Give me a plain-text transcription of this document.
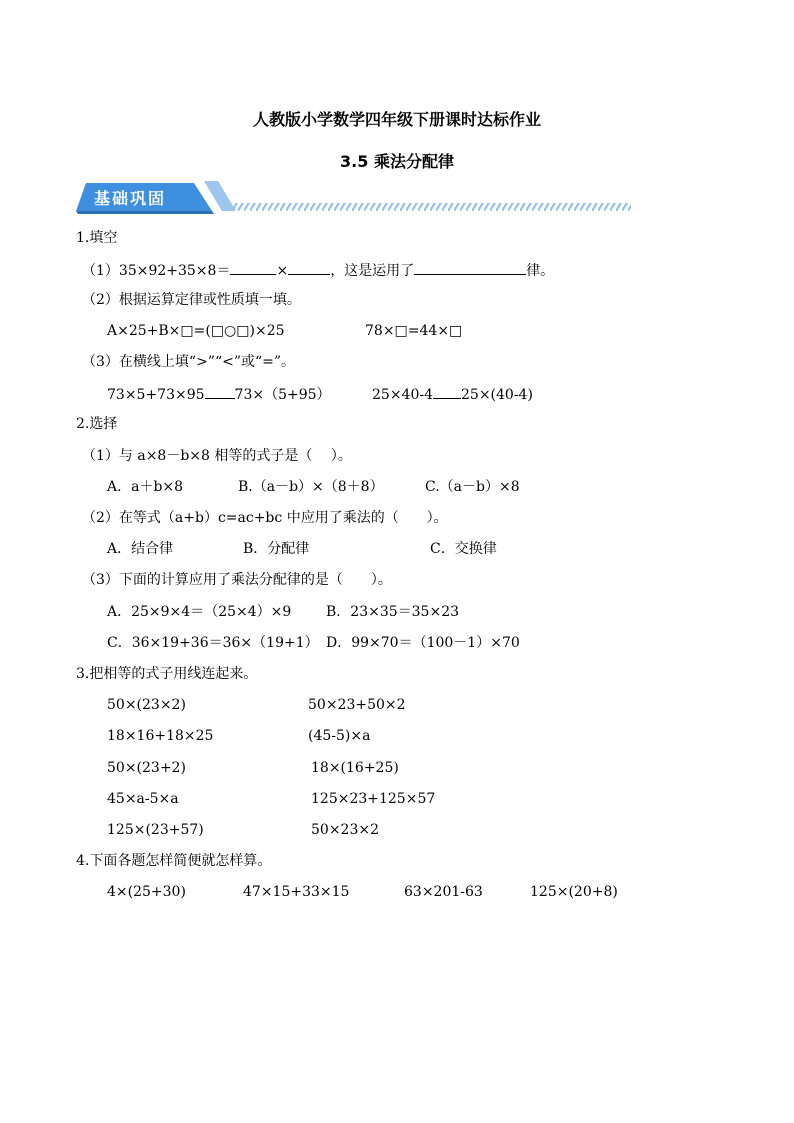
人教版小学数学四年级下册课时达标作业
3.5 乘法分配律
基础巩固
1.填空
（1）35×92+35×8＝	×	，这是运用了	律。
（2）根据运算定律或性质填一填。
A×25+B×□=(□○□)×25	78×□=44×□
（3）在横线上填“>”“<”或“=”。
73×5+73×95 73×（5+95）	25×40-4 25×(40-4)
2.选择
（1）与 a×8－b×8 相等的式子是（　 ）。
A．a＋b×8	B.（a－b）×（8＋8）	C.（a－b）×8
（2）在等式（a+b）c=ac+bc 中应用了乘法的（　　）。
A．结合律	B．分配律	C．交换律
（3）下面的计算应用了乘法分配律的是（　　）。
A．25×9×4＝（25×4）×9 B．23×35＝35×23
C．36×19+36＝36×（19+1） D．99×70＝（100－1）×70
3.把相等的式子用线连起来。
50×(23×2)	50×23+50×2
18×16+18×25	(45-5)×a
50×(23+2)	18×(16+25)
45×a-5×a	125×23+125×57
125×(23+57)	50×23×2
4.下面各题怎样简便就怎样算。
4×(25+30)	47×15+33×15	63×201-63	125×(20+8)
